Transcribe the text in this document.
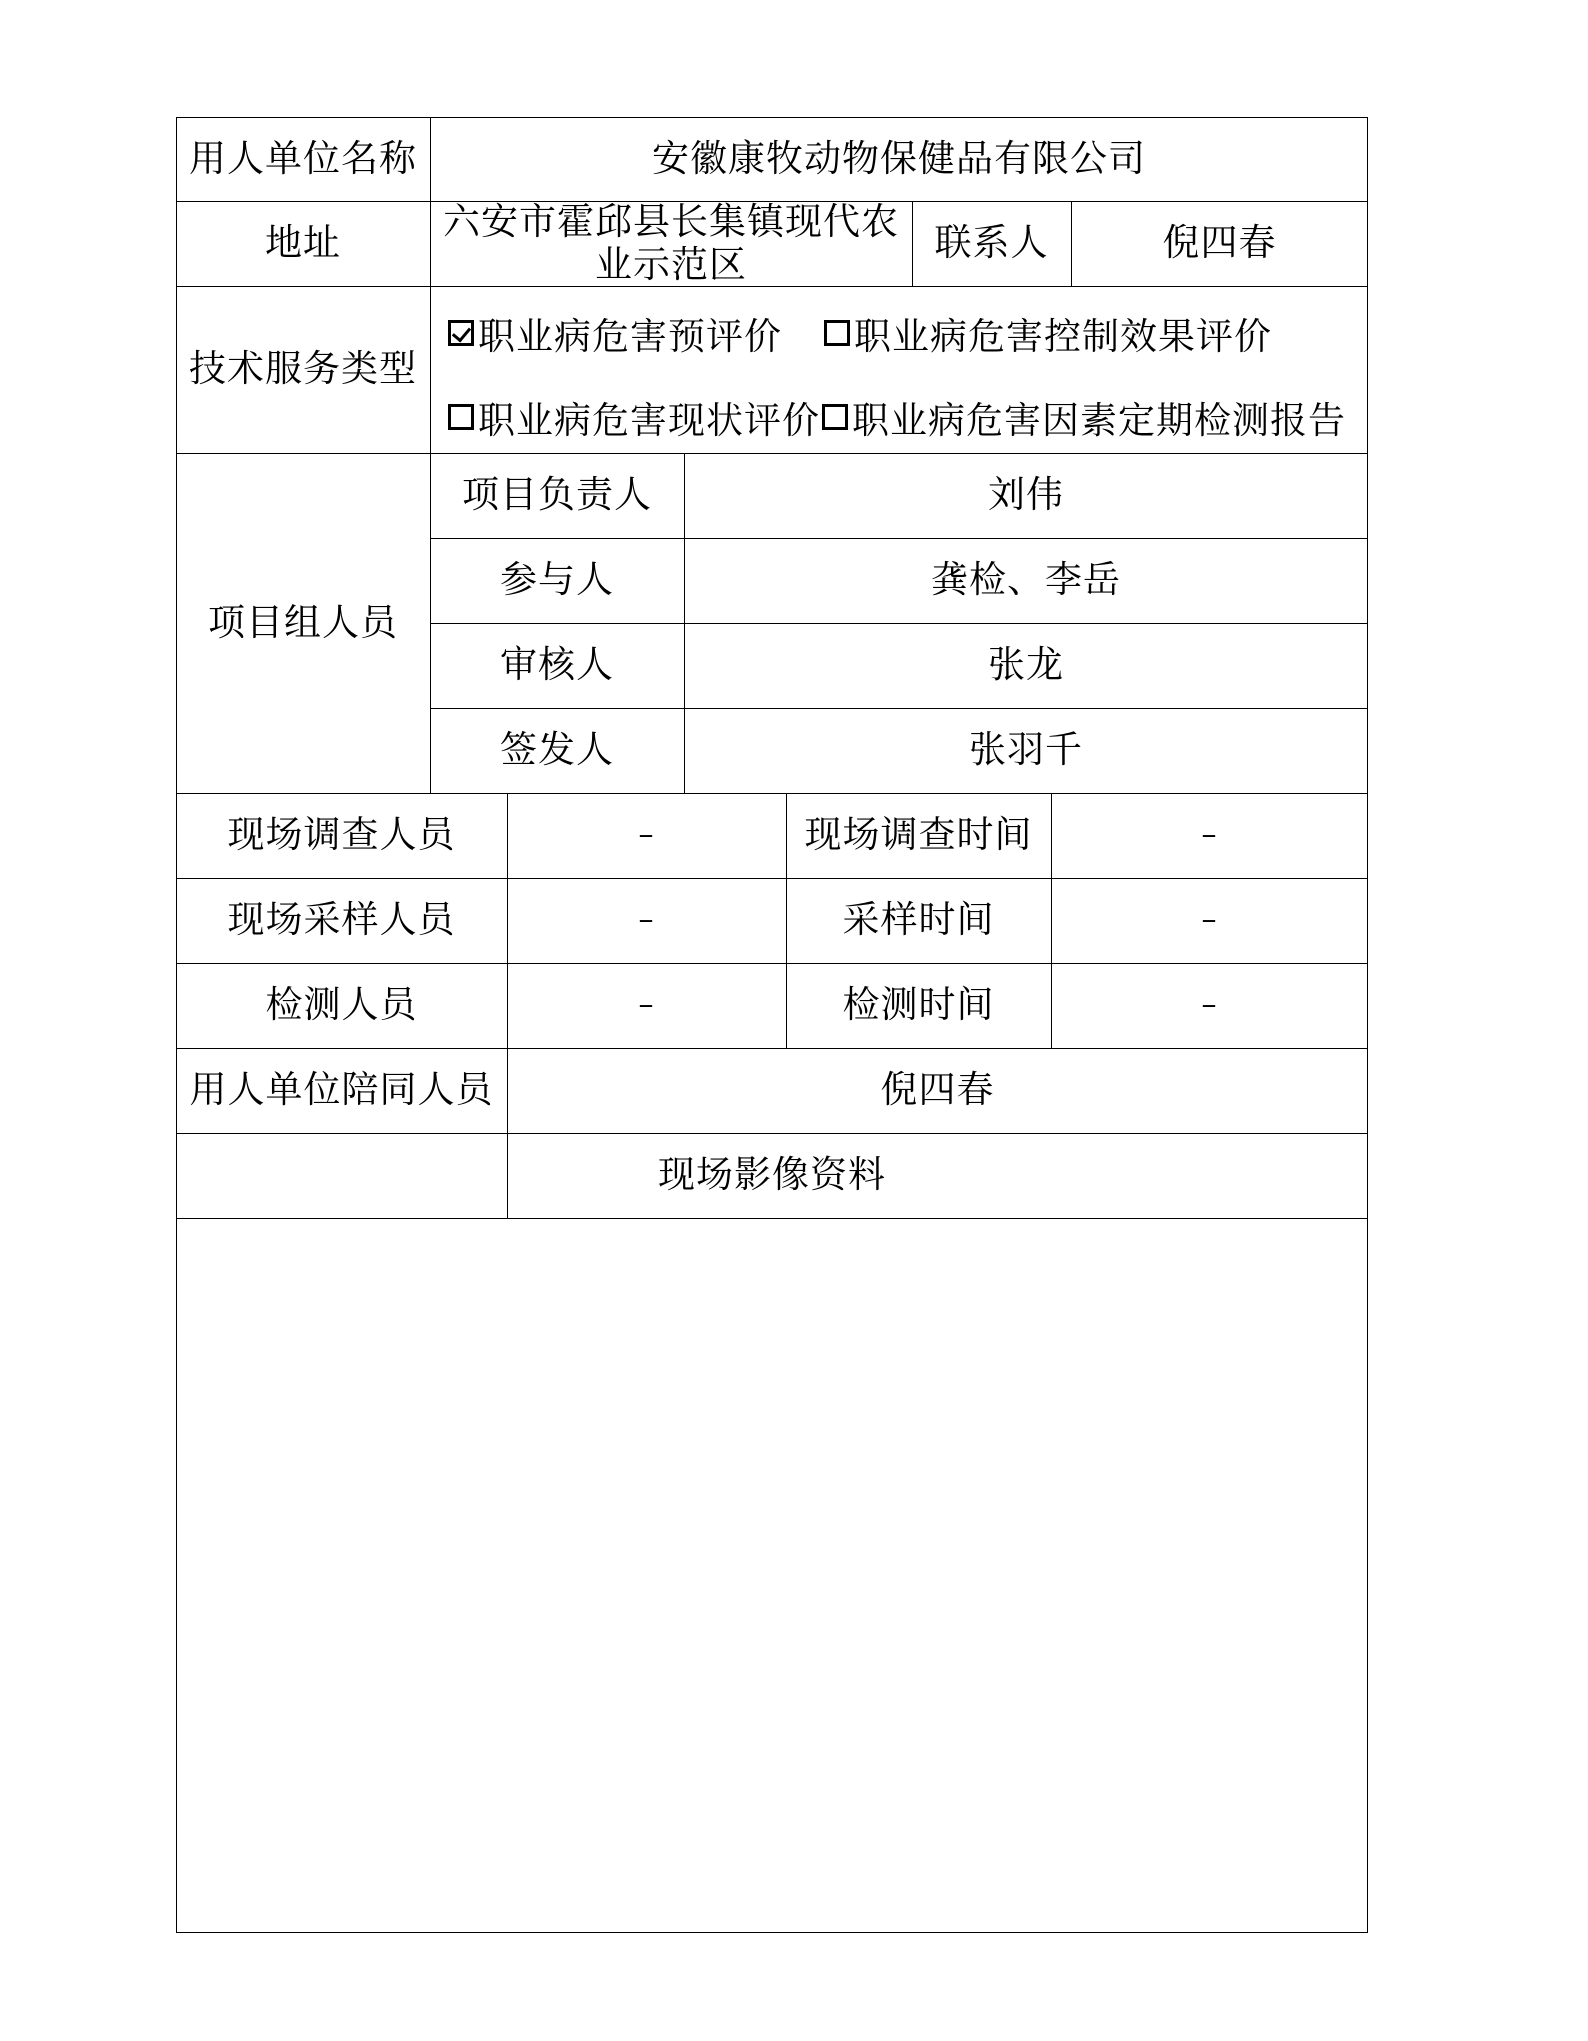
用人单位名称	安徽康牧动物保健品有限公司
地址	六安市霍邱县长集镇现代农业示范区	联系人	倪四春
技术服务类型
职业病危害预评价 职业病危害控制效果评价
职业病危害现状评价 职业病危害因素定期检测报告
项目组人员
项目负责人	刘伟
参与人	龚检、李岳
审核人	张龙
签发人	张羽千
现场调查人员	–	现场调查时间	–
现场采样人员	–	采样时间	–
检测人员	–	检测时间	–
用人单位陪同人员	倪四春
现场影像资料
